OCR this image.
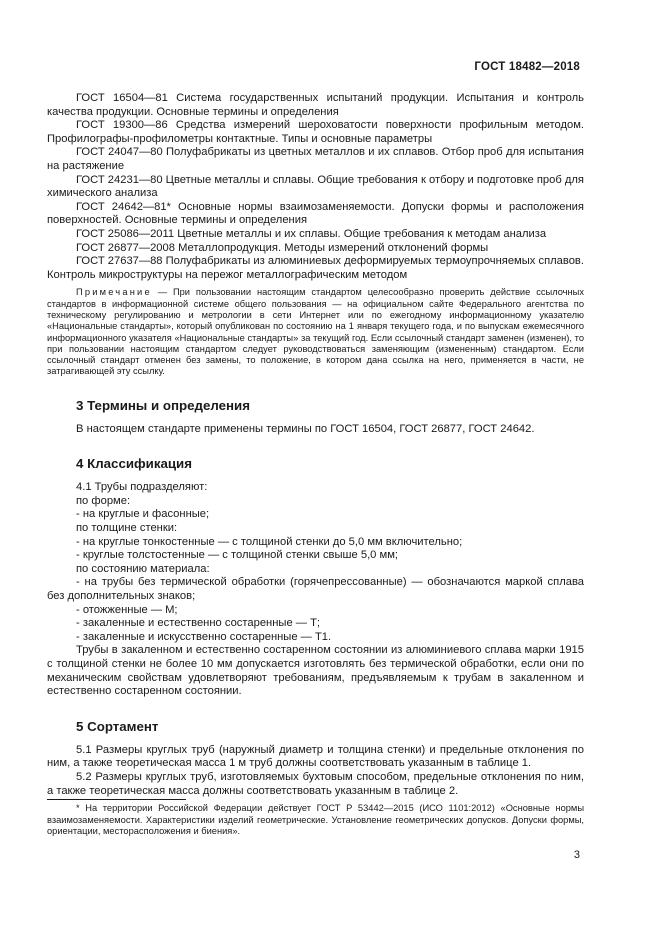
ГОСТ 18482—2018

ГОСТ 16504—81 Система государственных испытаний продукции. Испытания и контроль качества продукции. Основные термины и определения

ГОСТ 19300—86 Средства измерений шероховатости поверхности профильным методом. Профилографы-профилометры контактные. Типы и основные параметры

ГОСТ 24047—80 Полуфабрикаты из цветных металлов и их сплавов. Отбор проб для испытания на растяжение

ГОСТ 24231—80 Цветные металлы и сплавы. Общие требования к отбору и подготовке проб для химического анализа

ГОСТ 24642—81* Основные нормы взаимозаменяемости. Допуски формы и расположения поверхностей. Основные термины и определения

ГОСТ 25086—2011 Цветные металлы и их сплавы. Общие требования к методам анализа

ГОСТ 26877—2008 Металлопродукция. Методы измерений отклонений формы

ГОСТ 27637—88 Полуфабрикаты из алюминиевых деформируемых термоупрочняемых сплавов. Контроль микроструктуры на пережог металлографическим методом

Примечание — При пользовании настоящим стандартом целесообразно проверить действие ссылочных стандартов в информационной системе общего пользования — на официальном сайте Федерального агентства по техническому регулированию и метрологии в сети Интернет или по ежегодному информационному указателю «Национальные стандарты», который опубликован по состоянию на 1 января текущего года, и по выпускам ежемесячного информационного указателя «Национальные стандарты» за текущий год. Если ссылочный стандарт заменен (изменен), то при пользовании настоящим стандартом следует руководствоваться заменяющим (измененным) стандартом. Если ссылочный стандарт отменен без замены, то положение, в котором дана ссылка на него, применяется в части, не затрагивающей эту ссылку.

3 Термины и определения

В настоящем стандарте применены термины по ГОСТ 16504, ГОСТ 26877, ГОСТ 24642.

4 Классификация

4.1 Трубы подразделяют:

по форме:

- на круглые и фасонные;

по толщине стенки:

- на круглые тонкостенные — с толщиной стенки до 5,0 мм включительно;
- круглые толстостенные — с толщиной стенки свыше 5,0 мм;

по состоянию материала:

- на трубы без термической обработки (горячепрессованные) — обозначаются маркой сплава без дополнительных знаков;
- отожженные — М;
- закаленные и естественно состаренные — Т;
- закаленные и искусственно состаренные — Т1.

Трубы в закаленном и естественно состаренном состоянии из алюминиевого сплава марки 1915 с толщиной стенки не более 10 мм допускается изготовлять без термической обработки, если они по механическим свойствам удовлетворяют требованиям, предъявляемым к трубам в закаленном и естественно состаренном состоянии.

5 Сортамент

5.1 Размеры круглых труб (наружный диаметр и толщина стенки) и предельные отклонения по ним, а также теоретическая масса 1 м труб должны соответствовать указанным в таблице 1.

5.2 Размеры круглых труб, изготовляемых бухтовым способом, предельные отклонения по ним, а также теоретическая масса должны соответствовать указанным в таблице 2.

* На территории Российской Федерации действует ГОСТ Р 53442—2015 (ИСО 1101:2012) «Основные нормы взаимозаменяемости. Характеристики изделий геометрические. Установление геометрических допусков. Допуски формы, ориентации, месторасположения и биения».

3
